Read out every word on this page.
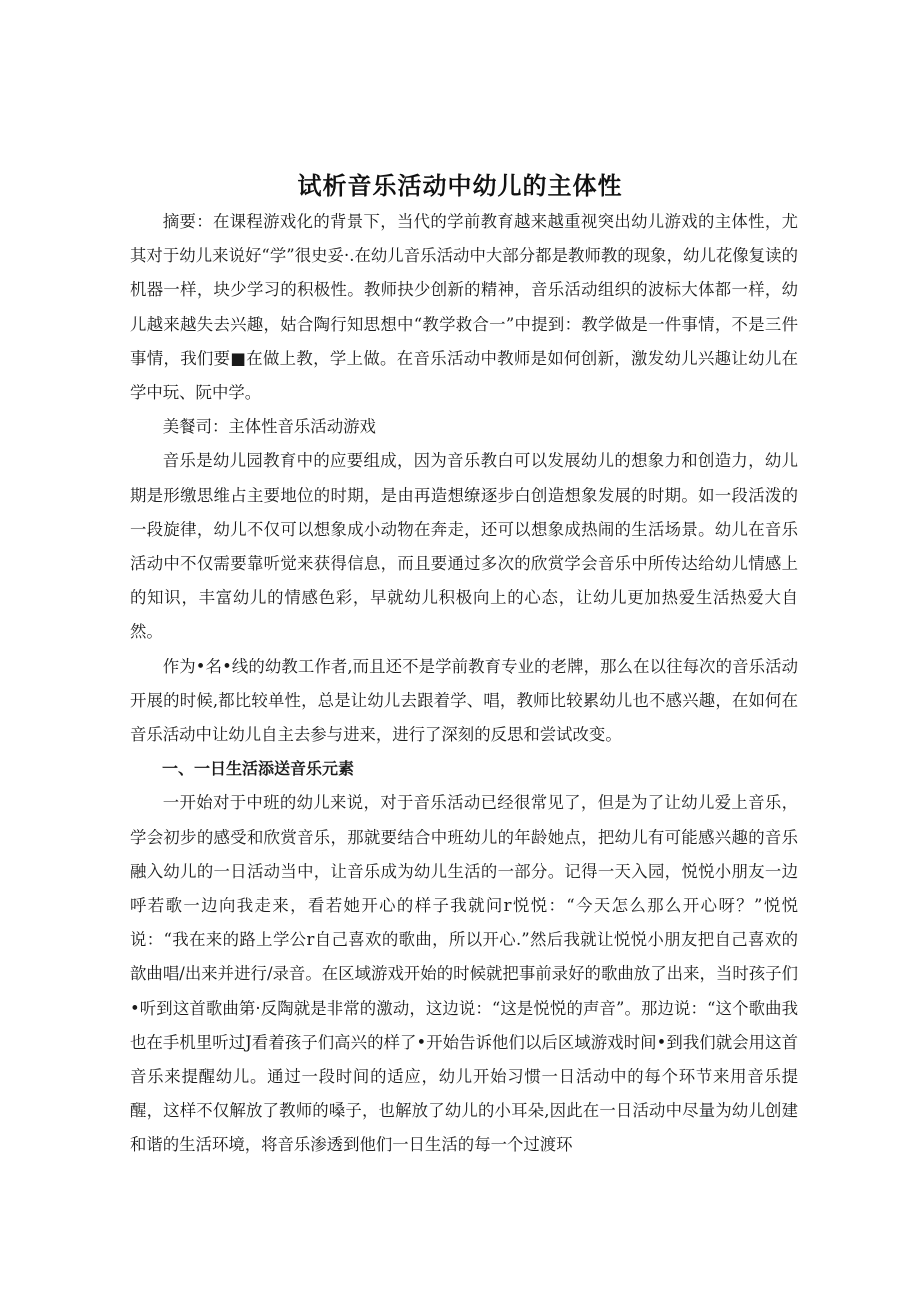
试析音乐活动中幼儿的主体性

摘要：在课程游戏化的背景下，当代的学前教育越来越重视突出幼儿游戏的主体性，尤其对于幼儿来说好“学”很史妥·.在幼儿音乐活动中大部分都是教师教的现象，幼儿花像复读的机器一样，块少学习的积极性。教师抉少创新的精神，音乐活动组织的波标大体都一样，幼儿越来越失去兴趣，姑合陶行知思想中“教学救合一”中提到：教学做是一件事情，不是三件事情，我们要■在做上教，学上做。在音乐活动中教师是如何创新，激发幼儿兴趣让幼儿在学中玩、阮中学。

美餐司：主体性音乐活动游戏

音乐是幼儿园教育中的应要组成，因为音乐教白可以发展幼儿的想象力和创造力，幼儿期是形缴思维占主要地位的时期，是由再造想缭逐步白创造想象发展的时期。如一段活泼的一段旋律，幼儿不仅可以想象成小动物在奔走，还可以想象成热闹的生活场景。幼儿在音乐活动中不仅需要靠听觉来获得信息，而且要通过多次的欣赏学会音乐中所传达给幼儿情感上的知识，丰富幼儿的情感色彩，早就幼儿积极向上的心态，让幼儿更加热爱生活热爱大自然。

作为•名•线的幼教工作者,而且还不是学前教育专业的老牌，那么在以往每次的音乐活动开展的时候,都比较单性，总是让幼儿去跟着学、唱，教师比较累幼儿也不感兴趣，在如何在音乐活动中让幼儿自主去参与进来，进行了深刻的反思和尝试改变。

一、一日生活添送音乐元素

一开始对于中班的幼儿来说，对于音乐活动已经很常见了，但是为了让幼儿爱上音乐，学会初步的感受和欣赏音乐，那就要结合中班幼儿的年龄她点，把幼儿有可能感兴趣的音乐融入幼儿的一日活动当中，让音乐成为幼儿生活的一部分。记得一天入园，悦悦小朋友一边呼若歌一边向我走来，看若她开心的样子我就问r悦悦：“今天怎么那么开心呀？”悦悦说：“我在来的路上学公r自己喜欢的歌曲，所以开心.”然后我就让悦悦小朋友把自己喜欢的歆曲唱/出来并进行/录音。在区域游戏开始的时候就把事前录好的歌曲放了出来，当时孩子们•听到这首歌曲第·反陶就是非常的激动，这边说：“这是悦悦的声音”。那边说：“这个歌曲我也在手机里听过J看着孩子们高兴的样了•开始告诉他们以后区域游戏时间•到我们就会用这首音乐来提醒幼儿。通过一段时间的适应，幼儿开始习惯一日活动中的每个环节来用音乐提醒，这样不仅解放了教师的嗓子，也解放了幼儿的小耳朵,因此在一日活动中尽量为幼儿创建和谐的生活环境，将音乐渗透到他们一日生活的每一个过渡环
